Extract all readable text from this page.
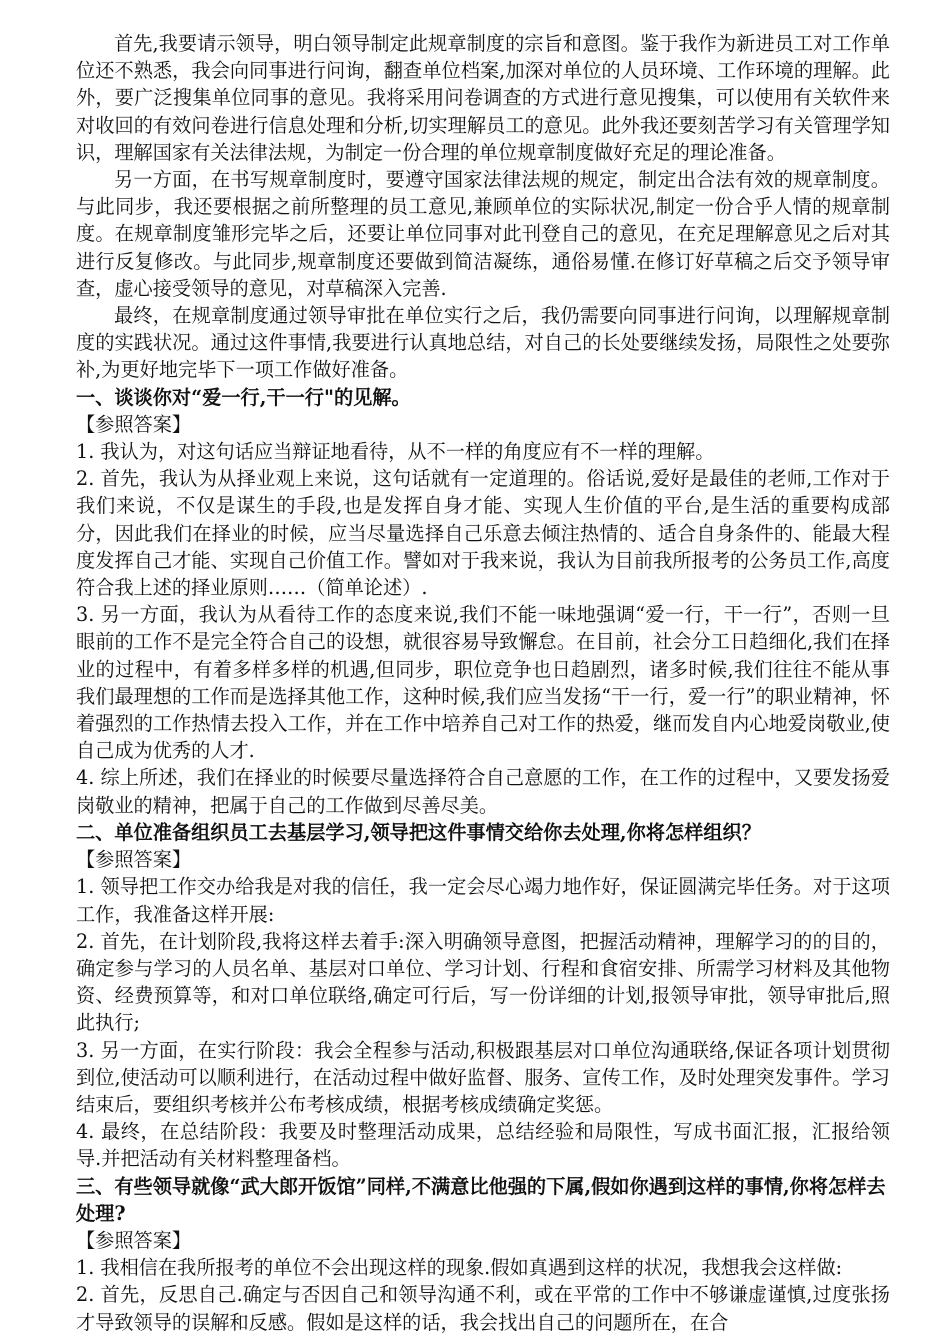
首先,我要请示领导，明白领导制定此规章制度的宗旨和意图。鉴于我作为新进员工对工作单位还不熟悉，我会向同事进行问询，翻查单位档案,加深对单位的人员环境、工作环境的理解。此外，要广泛搜集单位同事的意见。我将采用问卷调查的方式进行意见搜集，可以使用有关软件来对收回的有效问卷进行信息处理和分析,切实理解员工的意见。此外我还要刻苦学习有关管理学知识，理解国家有关法律法规，为制定一份合理的单位规章制度做好充足的理论准备。

另一方面，在书写规章制度时，要遵守国家法律法规的规定，制定出合法有效的规章制度。与此同步，我还要根据之前所整理的员工意见,兼顾单位的实际状况,制定一份合乎人情的规章制度。在规章制度雏形完毕之后，还要让单位同事对此刊登自己的意见，在充足理解意见之后对其进行反复修改。与此同步,规章制度还要做到简洁凝练，通俗易懂.在修订好草稿之后交予领导审查，虚心接受领导的意见，对草稿深入完善.

最终，在规章制度通过领导审批在单位实行之后，我仍需要向同事进行问询，以理解规章制度的实践状况。通过这件事情,我要进行认真地总结，对自己的长处要继续发扬，局限性之处要弥补,为更好地完毕下一项工作做好准备。

一、谈谈你对“爱一行,干一行"的见解。

【参照答案】

1. 我认为，对这句话应当辩证地看待，从不一样的角度应有不一样的理解。

2. 首先，我认为从择业观上来说，这句话就有一定道理的。俗话说,爱好是最佳的老师,工作对于我们来说，不仅是谋生的手段,也是发挥自身才能、实现人生价值的平台,是生活的重要构成部分，因此我们在择业的时候，应当尽量选择自己乐意去倾注热情的、适合自身条件的、能最大程度发挥自己才能、实现自己价值工作。譬如对于我来说，我认为目前我所报考的公务员工作,高度符合我上述的择业原则……（简单论述）.

3. 另一方面，我认为从看待工作的态度来说,我们不能一味地强调“爱一行，干一行”，否则一旦眼前的工作不是完全符合自己的设想，就很容易导致懈怠。在目前，社会分工日趋细化,我们在择业的过程中，有着多样多样的机遇,但同步，职位竞争也日趋剧烈，诸多时候,我们往往不能从事我们最理想的工作而是选择其他工作，这种时候,我们应当发扬“干一行，爱一行”的职业精神，怀着强烈的工作热情去投入工作，并在工作中培养自己对工作的热爱，继而发自内心地爱岗敬业,使自己成为优秀的人才.

4. 综上所述，我们在择业的时候要尽量选择符合自己意愿的工作，在工作的过程中，又要发扬爱岗敬业的精神，把属于自己的工作做到尽善尽美。

二、单位准备组织员工去基层学习,领导把这件事情交给你去处理,你将怎样组织？

【参照答案】

1. 领导把工作交办给我是对我的信任，我一定会尽心竭力地作好，保证圆满完毕任务。对于这项工作，我准备这样开展:

2. 首先，在计划阶段,我将这样去着手:深入明确领导意图，把握活动精神，理解学习的的目的，确定参与学习的人员名单、基层对口单位、学习计划、行程和食宿安排、所需学习材料及其他物资、经费预算等，和对口单位联络,确定可行后，写一份详细的计划,报领导审批，领导审批后,照此执行;

3. 另一方面，在实行阶段：我会全程参与活动,积极跟基层对口单位沟通联络,保证各项计划贯彻到位,使活动可以顺利进行，在活动过程中做好监督、服务、宣传工作，及时处理突发事件。学习结束后，要组织考核并公布考核成绩，根据考核成绩确定奖惩。

4. 最终，在总结阶段：我要及时整理活动成果，总结经验和局限性，写成书面汇报，汇报给领导.并把活动有关材料整理备档。

三、有些领导就像“武大郎开饭馆”同样,不满意比他强的下属,假如你遇到这样的事情,你将怎样去处理?

【参照答案】

1. 我相信在我所报考的单位不会出现这样的现象.假如真遇到这样的状况，我想我会这样做:

2. 首先，反思自己.确定与否因自己和领导沟通不利，或在平常的工作中不够谦虚谨慎,过度张扬才导致领导的误解和反感。假如是这样的话，我会找出自己的问题所在，在合
